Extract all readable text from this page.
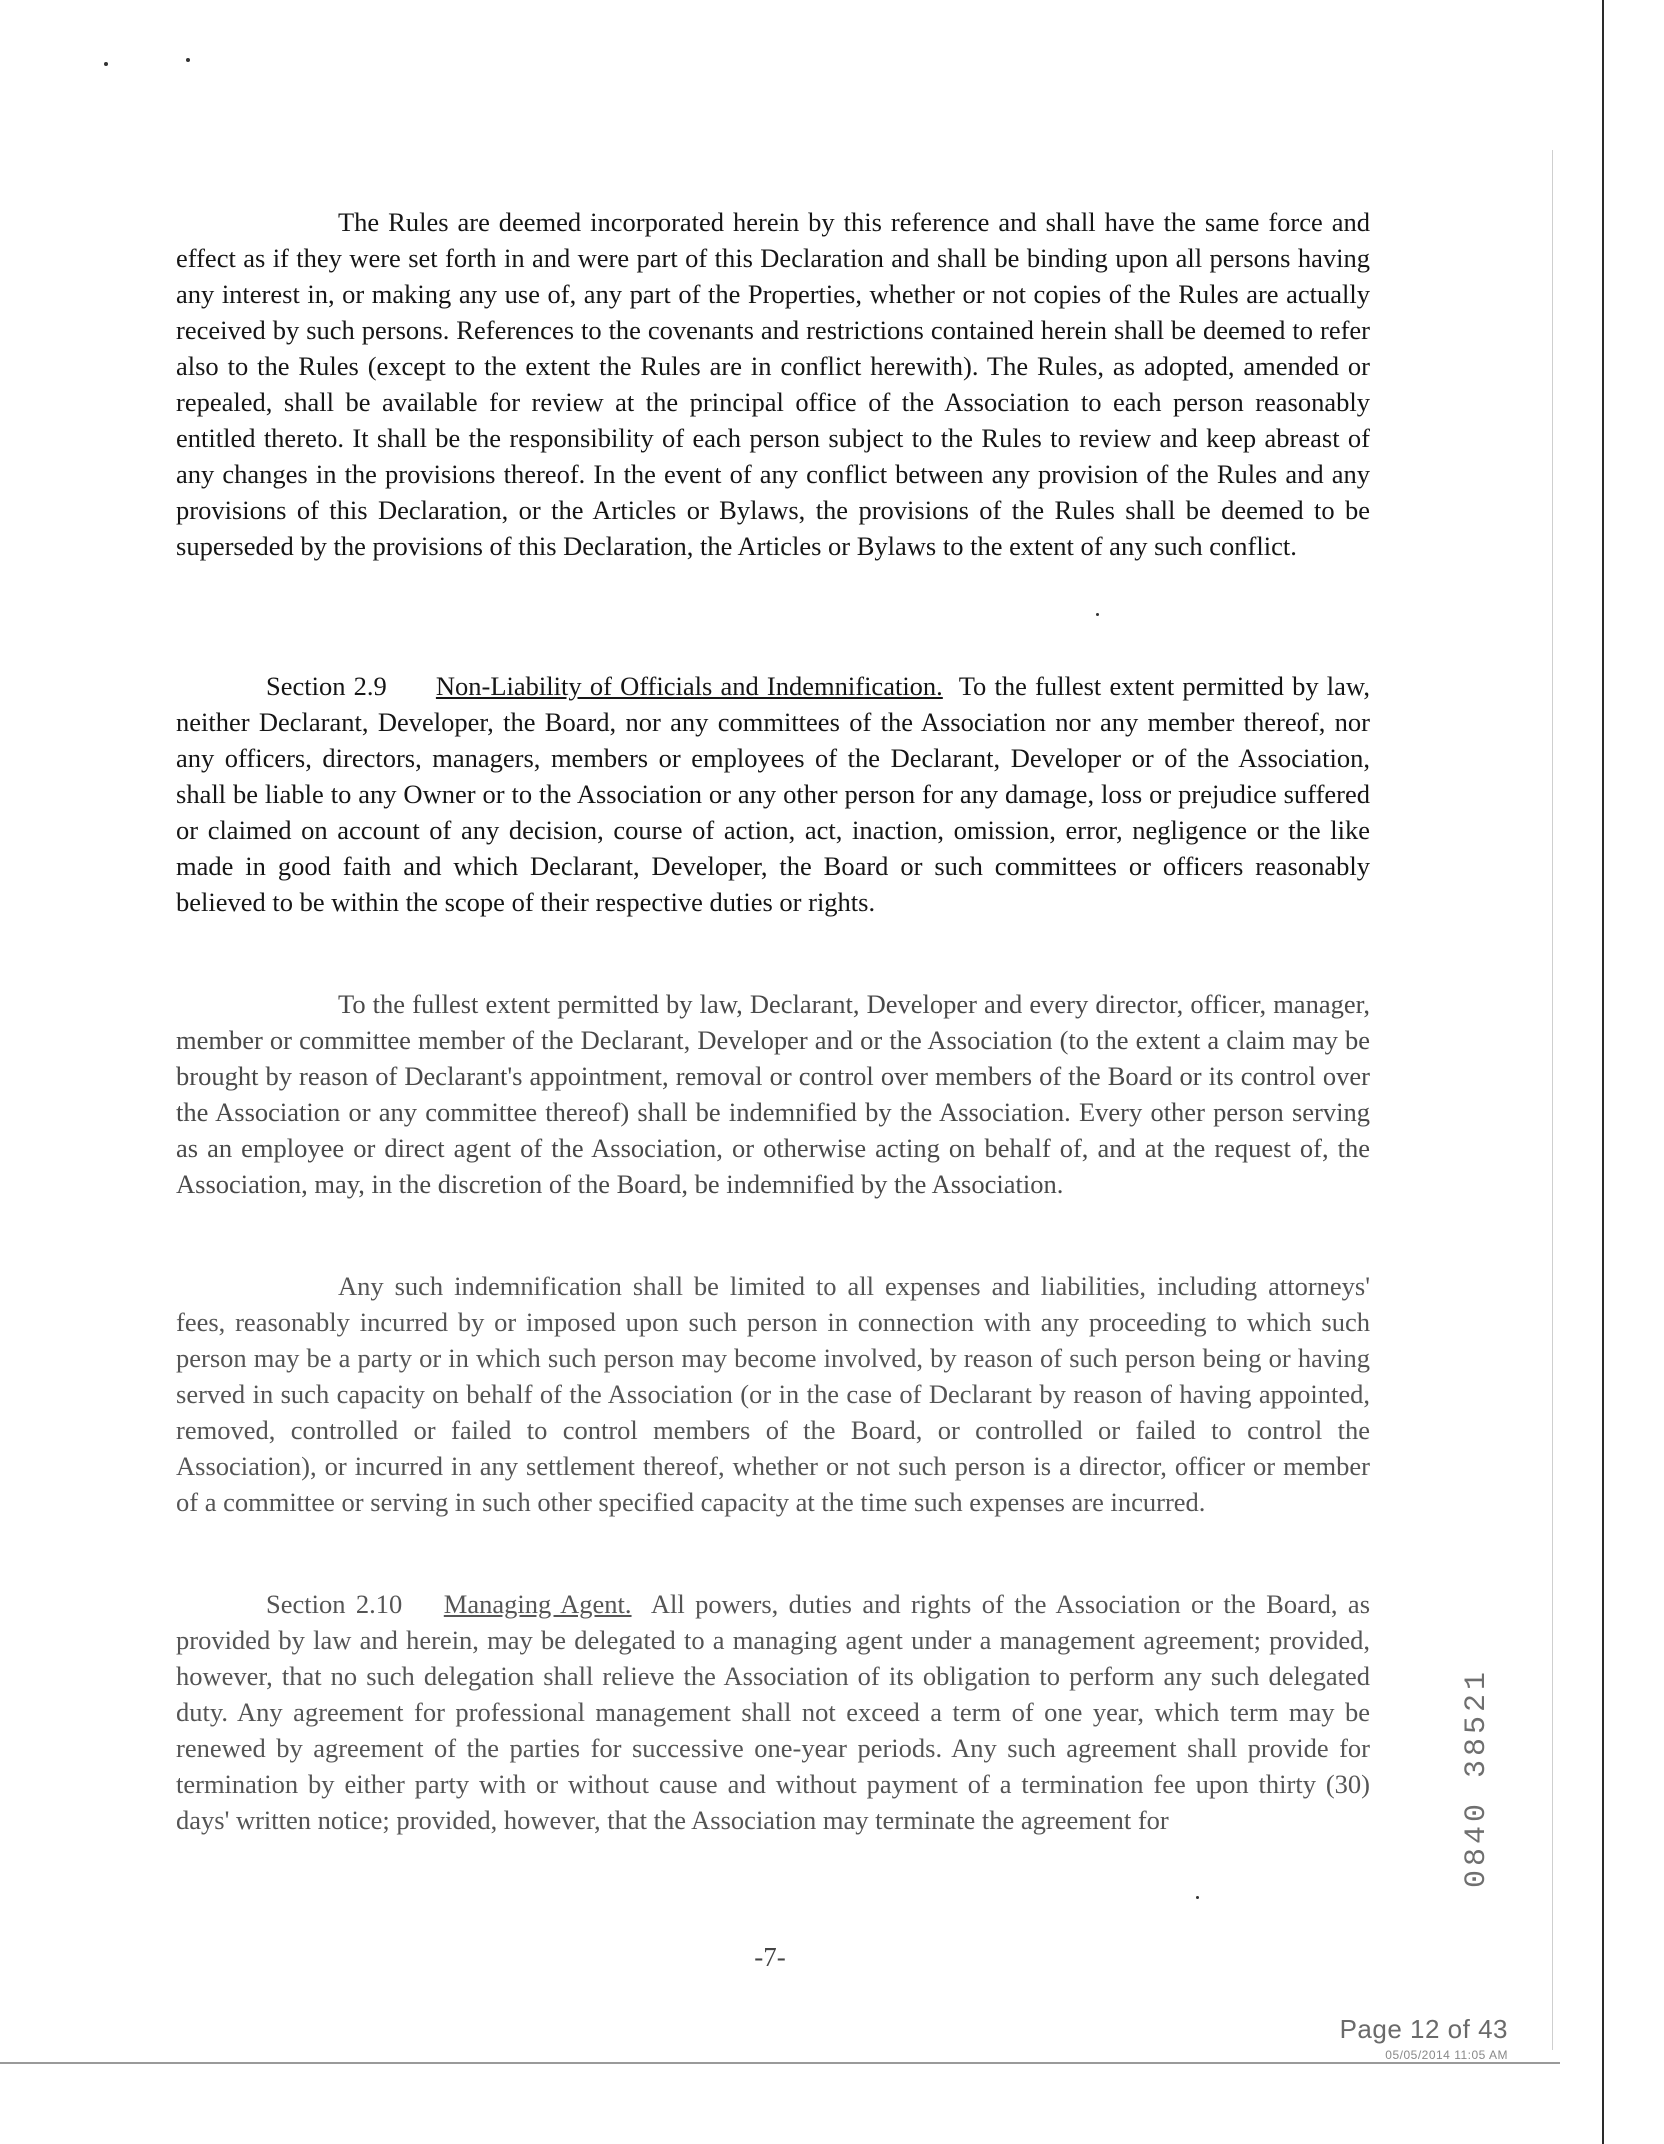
The Rules are deemed incorporated herein by this reference and shall have the same force and effect as if they were set forth in and were part of this Declaration and shall be binding upon all persons having any interest in, or making any use of, any part of the Properties, whether or not copies of the Rules are actually received by such persons. References to the covenants and restrictions contained herein shall be deemed to refer also to the Rules (except to the extent the Rules are in conflict herewith). The Rules, as adopted, amended or repealed, shall be available for review at the principal office of the Association to each person reasonably entitled thereto. It shall be the responsibility of each person subject to the Rules to review and keep abreast of any changes in the provisions thereof. In the event of any conflict between any provision of the Rules and any provisions of this Declaration, or the Articles or Bylaws, the provisions of the Rules shall be deemed to be superseded by the provisions of this Declaration, the Articles or Bylaws to the extent of any such conflict.

Section 2.9 Non-Liability of Officials and Indemnification. To the fullest extent permitted by law, neither Declarant, Developer, the Board, nor any committees of the Association nor any member thereof, nor any officers, directors, managers, members or employees of the Declarant, Developer or of the Association, shall be liable to any Owner or to the Association or any other person for any damage, loss or prejudice suffered or claimed on account of any decision, course of action, act, inaction, omission, error, negligence or the like made in good faith and which Declarant, Developer, the Board or such committees or officers reasonably believed to be within the scope of their respective duties or rights.

To the fullest extent permitted by law, Declarant, Developer and every director, officer, manager, member or committee member of the Declarant, Developer and or the Association (to the extent a claim may be brought by reason of Declarant's appointment, removal or control over members of the Board or its control over the Association or any committee thereof) shall be indemnified by the Association. Every other person serving as an employee or direct agent of the Association, or otherwise acting on behalf of, and at the request of, the Association, may, in the discretion of the Board, be indemnified by the Association.

Any such indemnification shall be limited to all expenses and liabilities, including attorneys' fees, reasonably incurred by or imposed upon such person in connection with any proceeding to which such person may be a party or in which such person may become involved, by reason of such person being or having served in such capacity on behalf of the Association (or in the case of Declarant by reason of having appointed, removed, controlled or failed to control members of the Board, or controlled or failed to control the Association), or incurred in any settlement thereof, whether or not such person is a director, officer or member of a committee or serving in such other specified capacity at the time such expenses are incurred.

Section 2.10 Managing Agent. All powers, duties and rights of the Association or the Board, as provided by law and herein, may be delegated to a managing agent under a management agreement; provided, however, that no such delegation shall relieve the Association of its obligation to perform any such delegated duty. Any agreement for professional management shall not exceed a term of one year, which term may be renewed by agreement of the parties for successive one-year periods. Any such agreement shall provide for termination by either party with or without cause and without payment of a termination fee upon thirty (30) days' written notice; provided, however, that the Association may terminate the agreement for

-7-
0840 38521
Page 12 of 43
05/05/2014 11:05 AM
